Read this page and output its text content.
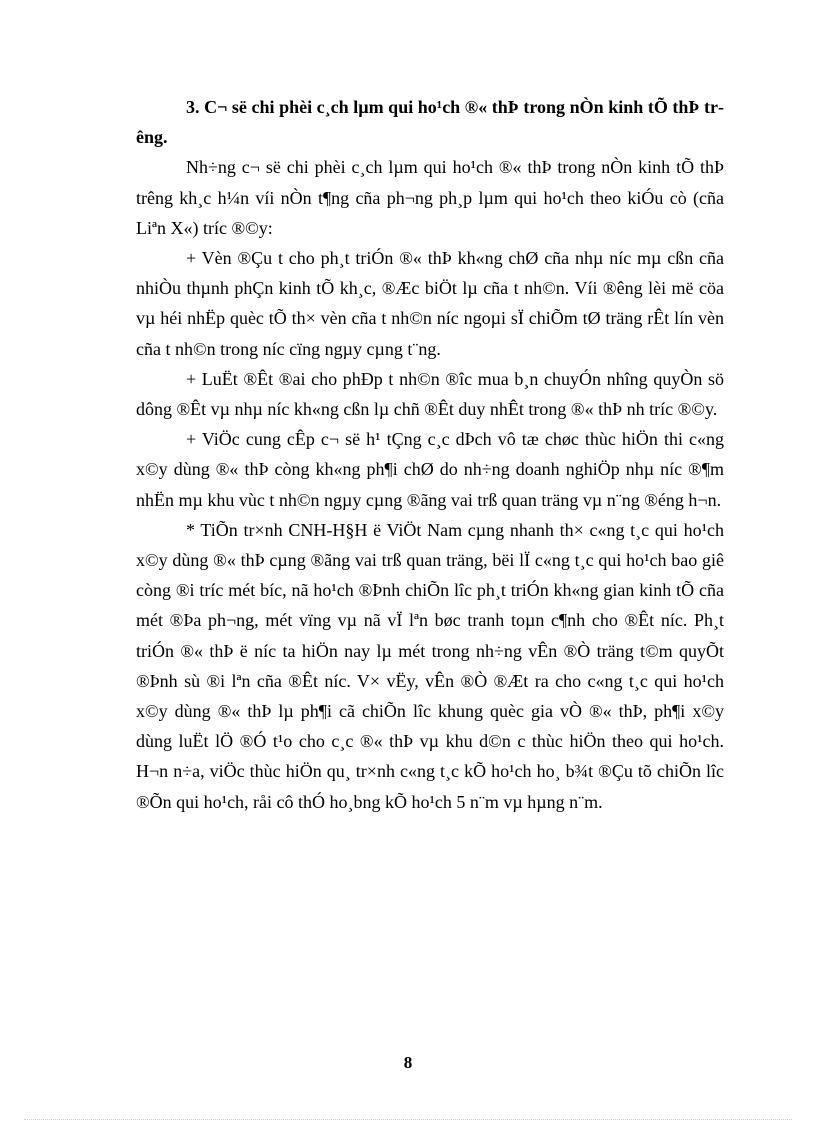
3. C¬ së chi phèi c¸ch lµm qui ho¹ch ®« thÞ trong nÒn kinh tÕ thÞ trêng.

Nh÷ng c¬ së chi phèi c¸ch lµm qui ho¹ch ®« thÞ trong nÒn kinh tÕ thÞ trêng kh¸c h¼n víi nÒn t¶ng cña ph¬ng ph¸p lµm qui ho¹ch theo kiÓu cò (cña Liªn X«) tríc ®©y:

+ Vèn ®Çu t cho ph¸t triÓn ®« thÞ kh«ng chØ cña nhµ níc mµ cßn cña nhiÒu thµnh phÇn kinh tÕ kh¸c, ®Æc biÖt lµ cña t nh©n. Víi ®êng lèi më cöa vµ héi nhËp quèc tÕ th× vèn cña t nh©n níc ngoµi sÏ chiÕm tØ träng rÊt lín vèn cña t nh©n trong níc cïng ngµy cµng t¨ng.

+ LuËt ®Êt ®ai cho phÐp t nh©n ®îc mua b¸n chuyÓn nhîng quyÒn sö dông ®Êt vµ nhµ níc kh«ng cßn lµ chñ ®Êt duy nhÊt trong ®« thÞ nh tríc ®©y.

+ ViÖc cung cÊp c¬ së h¹ tÇng c¸c dÞch vô tæ chøc thùc hiÖn thi c«ng x©y dùng ®« thÞ còng kh«ng ph¶i chØ do nh÷ng doanh nghiÖp nhµ níc ®¶m nhËn mµ khu vùc t nh©n ngµy cµng ®ãng vai trß quan träng vµ n¨ng ®éng h¬n.

* TiÕn tr×nh CNH-H§H ë ViÖt Nam cµng nhanh th× c«ng t¸c qui ho¹ch x©y dùng ®« thÞ cµng ®ãng vai trß quan träng, bëi lÏ c«ng t¸c qui ho¹ch bao giê còng ®i tríc mét bíc, nã ho¹ch ®Þnh chiÕn lîc ph¸t triÓn kh«ng gian kinh tÕ cña mét ®Þa ph¬ng, mét vïng vµ nã vÏ lªn bøc tranh toµn c¶nh cho ®Êt níc. Ph¸t triÓn ®« thÞ ë níc ta hiÖn nay lµ mét trong nh÷ng vÊn ®Ò träng t©m quyÕt ®Þnh sù ®i lªn cña ®Êt níc. V× vËy, vÊn ®Ò ®Æt ra cho c«ng t¸c qui ho¹ch x©y dùng ®« thÞ lµ ph¶i cã chiÕn lîc khung quèc gia vÒ ®« thÞ, ph¶i x©y dùng luËt lÖ ®Ó t¹o cho c¸c ®« thÞ vµ khu d©n c thùc hiÖn theo qui ho¹ch. H¬n n÷a, viÖc thùc hiÖn qu¸ tr×nh c«ng t¸c kÕ ho¹ch ho¸ b¾t ®Çu tõ chiÕn lîc ®Õn qui ho¹ch, råi cô thÓ ho¸bng kÕ ho¹ch 5 n¨m vµ hµng n¨m.

8
